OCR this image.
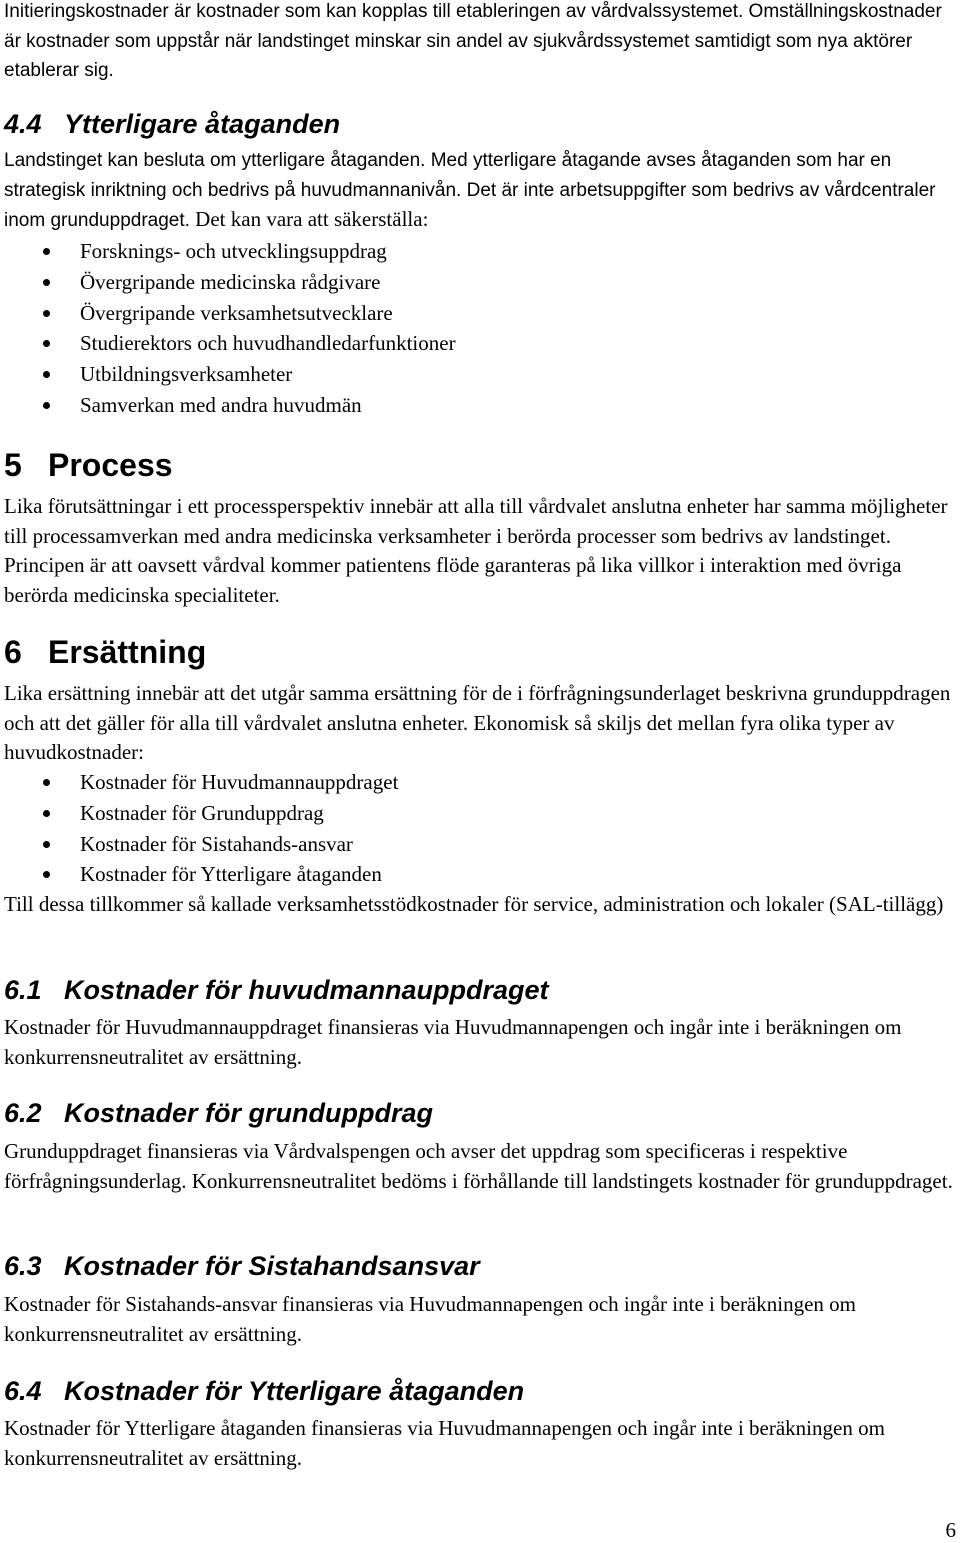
Initieringskostnader är kostnader som kan kopplas till etableringen av vårdvalssystemet. Omställningskostnader är kostnader som uppstår när landstinget minskar sin andel av sjukvårdssystemet samtidigt som nya aktörer etablerar sig.

4.4 Ytterligare åtaganden

Landstinget kan besluta om ytterligare åtaganden. Med ytterligare åtagande avses åtaganden som har en strategisk inriktning och bedrivs på huvudmannanivån. Det är inte arbetsuppgifter som bedrivs av vårdcentraler inom grunduppdraget. Det kan vara att säkerställa:

Forsknings- och utvecklingsuppdrag
Övergripande medicinska rådgivare
Övergripande verksamhetsutvecklare
Studierektors och huvudhandledarfunktioner
Utbildningsverksamheter
Samverkan med andra huvudmän
5 Process

Lika förutsättningar i ett processperspektiv innebär att alla till vårdvalet anslutna enheter har samma möjligheter till processamverkan med andra medicinska verksamheter i berörda processer som bedrivs av landstinget. Principen är att oavsett vårdval kommer patientens flöde garanteras på lika villkor i interaktion med övriga berörda medicinska specialiteter.

6 Ersättning

Lika ersättning innebär att det utgår samma ersättning för de i förfrågningsunderlaget beskrivna grunduppdragen och att det gäller för alla till vårdvalet anslutna enheter. Ekonomisk så skiljs det mellan fyra olika typer av huvudkostnader:

Kostnader för Huvudmannauppdraget
Kostnader för Grunduppdrag
Kostnader för Sistahands-ansvar
Kostnader för Ytterligare åtaganden

Till dessa tillkommer så kallade verksamhetsstödkostnader för service, administration och lokaler (SAL-tillägg)

6.1 Kostnader för huvudmannauppdraget

Kostnader för Huvudmannauppdraget finansieras via Huvudmannapengen och ingår inte i beräkningen om konkurrensneutralitet av ersättning.

6.2 Kostnader för grunduppdrag

Grunduppdraget finansieras via Vårdvalspengen och avser det uppdrag som specificeras i respektive förfrågningsunderlag. Konkurrensneutralitet bedöms i förhållande till landstingets kostnader för grunduppdraget.

6.3 Kostnader för Sistahandsansvar

Kostnader för Sistahands-ansvar finansieras via Huvudmannapengen och ingår inte i beräkningen om konkurrensneutralitet av ersättning.

6.4 Kostnader för Ytterligare åtaganden

Kostnader för Ytterligare åtaganden finansieras via Huvudmannapengen och ingår inte i beräkningen om konkurrensneutralitet av ersättning.

6
